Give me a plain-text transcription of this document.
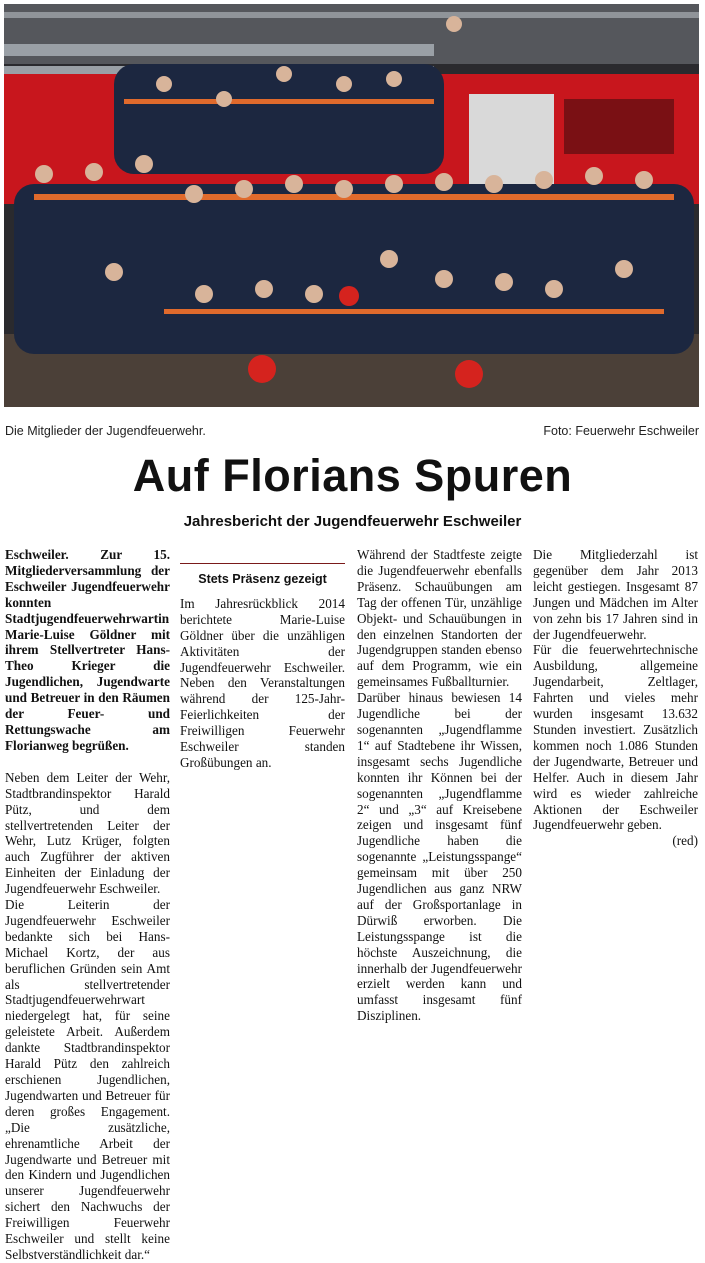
Die Mitglieder der Jugendfeuerwehr.	Foto: Feuerwehr Eschweiler
Auf Florians Spuren
Jahresbericht der Jugendfeuerwehr Eschweiler

Eschweiler. Zur 15. Mitgliederversammlung der Eschweiler Jugendfeuerwehr konnten Stadtjugendfeuerwehrwartin Marie-Luise Göldner mit ihrem Stellvertreter Hans-Theo Krieger die Jugendlichen, Jugendwarte und Betreuer in den Räumen der Feuer- und Rettungswache am Florianweg begrüßen.

Neben dem Leiter der Wehr, Stadtbrandinspektor Harald Pütz, und dem stellvertretenden Leiter der Wehr, Lutz Krüger, folgten auch Zugführer der aktiven Einheiten der Einladung der Jugendfeuerwehr Eschweiler.

Die Leiterin der Jugendfeuerwehr Eschweiler bedankte sich bei Hans-Michael Kortz, der aus beruflichen Gründen sein Amt als stellvertretender Stadtjugendfeuerwehrwart niedergelegt hat, für seine geleistete Arbeit. Außerdem dankte Stadtbrandinspektor Harald Pütz den zahlreich erschienen Jugendlichen, Jugendwarten und Betreuer für deren großes Engagement. „Die zusätzliche, ehrenamtliche Arbeit der Jugendwarte und Betreuer mit den Kindern und Jugendlichen unserer Jugendfeuerwehr sichert den Nachwuchs der Freiwilligen Feuerwehr Eschweiler und stellt keine Selbstverständlichkeit dar.“

Stets Präsenz gezeigt

Im Jahresrückblick 2014 berichtete Marie-Luise Göldner über die unzähligen Aktivitäten der Jugendfeuerwehr Eschweiler. Neben den Veranstaltungen während der 125-Jahr-Feierlichkeiten der Freiwilligen Feuerwehr Eschweiler standen Großübungen an.

Während der Stadtfeste zeigte die Jugendfeuerwehr ebenfalls Präsenz. Schauübungen am Tag der offenen Tür, unzählige Objekt- und Schauübungen in den einzelnen Standorten der Jugendgruppen standen ebenso auf dem Programm, wie ein gemeinsames Fußballturnier.

Darüber hinaus bewiesen 14 Jugendliche bei der sogenannten „Jugendflamme 1“ auf Stadtebene ihr Wissen, insgesamt sechs Jugendliche konnten ihr Können bei der sogenannten „Jugendflamme 2“ und „3“ auf Kreisebene zeigen und insgesamt fünf Jugendliche haben die sogenannte „Leistungsspange“ gemeinsam mit über 250 Jugendlichen aus ganz NRW auf der Großsportanlage in Dürwiß erworben. Die Leistungsspange ist die höchste Auszeichnung, die innerhalb der Jugendfeuerwehr erzielt werden kann und umfasst insgesamt fünf Disziplinen.

Die Mitgliederzahl ist gegenüber dem Jahr 2013 leicht gestiegen. Insgesamt 87 Jungen und Mädchen im Alter von zehn bis 17 Jahren sind in der Jugendfeuerwehr.

Für die feuerwehrtechnische Ausbildung, allgemeine Jugendarbeit, Zeltlager, Fahrten und vieles mehr wurden insgesamt 13.632 Stunden investiert. Zusätzlich kommen noch 1.086 Stunden der Jugendwarte, Betreuer und Helfer. Auch in diesem Jahr wird es wieder zahlreiche Aktionen der Eschweiler Jugendfeuerwehr geben.

(red)
